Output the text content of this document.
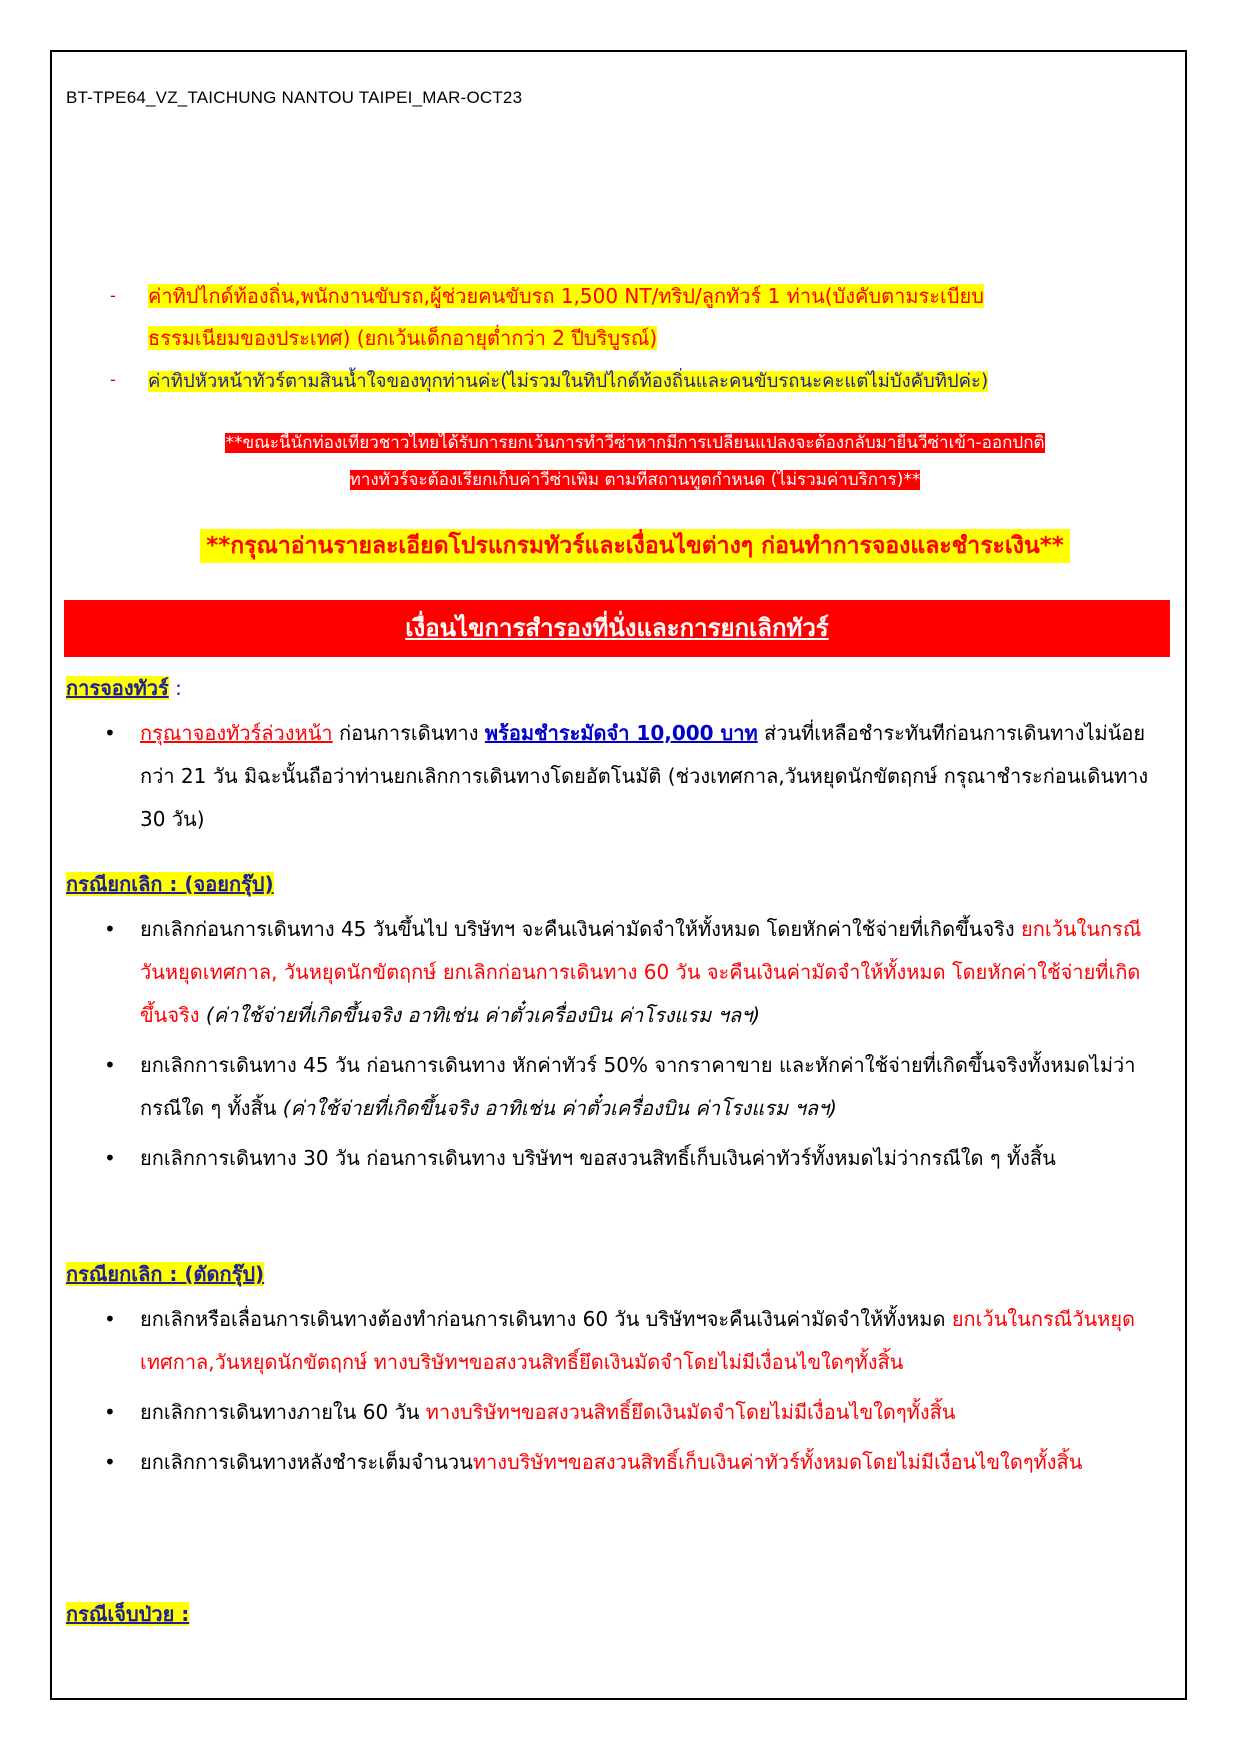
BT-TPE64_VZ_TAICHUNG NANTOU TAIPEI_MAR-OCT23
- ค่าทิปไกด์ท้องถิ่น,พนักงานขับรถ,ผู้ช่วยคนขับรถ 1,500 NT/ทริป/ลูกทัวร์ 1 ท่าน(บังคับตามระเบียบ
ธรรมเนียมของประเทศ) (ยกเว้นเด็กอายุต่ำกว่า 2 ปีบริบูรณ์)
- ค่าทิปหัวหน้าทัวร์ตามสินน้ำใจของทุกท่านค่ะ(ไม่รวมในทิปไกด์ท้องถิ่นและคนขับรถนะคะแต่ไม่บังคับทิปค่ะ)
**ขณะนี้นักท่องเที่ยวชาวไทยได้รับการยกเว้นการทำวีซ่าหากมีการเปลี่ยนแปลงจะต้องกลับมายื่นวีซ่าเข้า-ออกปกติ
ทางทัวร์จะต้องเรียกเก็บค่าวีซ่าเพิ่ม ตามที่สถานทูตกำหนด (ไม่รวมค่าบริการ)**
**กรุณาอ่านรายละเอียดโปรแกรมทัวร์และเงื่อนไขต่างๆ ก่อนทำการจองและชำระเงิน**
เงื่อนไขการสำรองที่นั่งและการยกเลิกทัวร์
การจองทัวร์ :
• กรุณาจองทัวร์ล่วงหน้า ก่อนการเดินทาง พร้อมชำระมัดจำ 10,000 บาท ส่วนที่เหลือชำระทันทีก่อนการเดินทางไม่น้อยกว่า 21 วัน มิฉะนั้นถือว่าท่านยกเลิกการเดินทางโดยอัตโนมัติ (ช่วงเทศกาล,วันหยุดนักขัตฤกษ์ กรุณาชำระก่อนเดินทาง 30 วัน)
กรณียกเลิก : (จอยกรุ๊ป)
• ยกเลิกก่อนการเดินทาง 45 วันขึ้นไป บริษัทฯ จะคืนเงินค่ามัดจำให้ทั้งหมด โดยหักค่าใช้จ่ายที่เกิดขึ้นจริง ยกเว้นในกรณีวันหยุดเทศกาล, วันหยุดนักขัตฤกษ์ ยกเลิกก่อนการเดินทาง 60 วัน จะคืนเงินค่ามัดจำให้ทั้งหมด โดยหักค่าใช้จ่ายที่เกิดขึ้นจริง (ค่าใช้จ่ายที่เกิดขึ้นจริง อาทิเช่น ค่าตั๋วเครื่องบิน ค่าโรงแรม ฯลฯ)
• ยกเลิกการเดินทาง 45 วัน ก่อนการเดินทาง หักค่าทัวร์ 50% จากราคาขาย และหักค่าใช้จ่ายที่เกิดขึ้นจริงทั้งหมดไม่ว่ากรณีใด ๆ ทั้งสิ้น (ค่าใช้จ่ายที่เกิดขึ้นจริง อาทิเช่น ค่าตั๋วเครื่องบิน ค่าโรงแรม ฯลฯ)
• ยกเลิกการเดินทาง 30 วัน ก่อนการเดินทาง บริษัทฯ ขอสงวนสิทธิ์เก็บเงินค่าทัวร์ทั้งหมดไม่ว่ากรณีใด ๆ ทั้งสิ้น
กรณียกเลิก : (ตัดกรุ๊ป)
• ยกเลิกหรือเลื่อนการเดินทางต้องทำก่อนการเดินทาง 60 วัน บริษัทฯจะคืนเงินค่ามัดจำให้ทั้งหมด ยกเว้นในกรณีวันหยุดเทศกาล,วันหยุดนักขัตฤกษ์ ทางบริษัทฯขอสงวนสิทธิ์ยึดเงินมัดจำโดยไม่มีเงื่อนไขใดๆทั้งสิ้น
• ยกเลิกการเดินทางภายใน 60 วัน ทางบริษัทฯขอสงวนสิทธิ์ยึดเงินมัดจำโดยไม่มีเงื่อนไขใดๆทั้งสิ้น
• ยกเลิกการเดินทางหลังชำระเต็มจำนวนทางบริษัทฯขอสงวนสิทธิ์เก็บเงินค่าทัวร์ทั้งหมดโดยไม่มีเงื่อนไขใดๆทั้งสิ้น
กรณีเจ็บป่วย :
